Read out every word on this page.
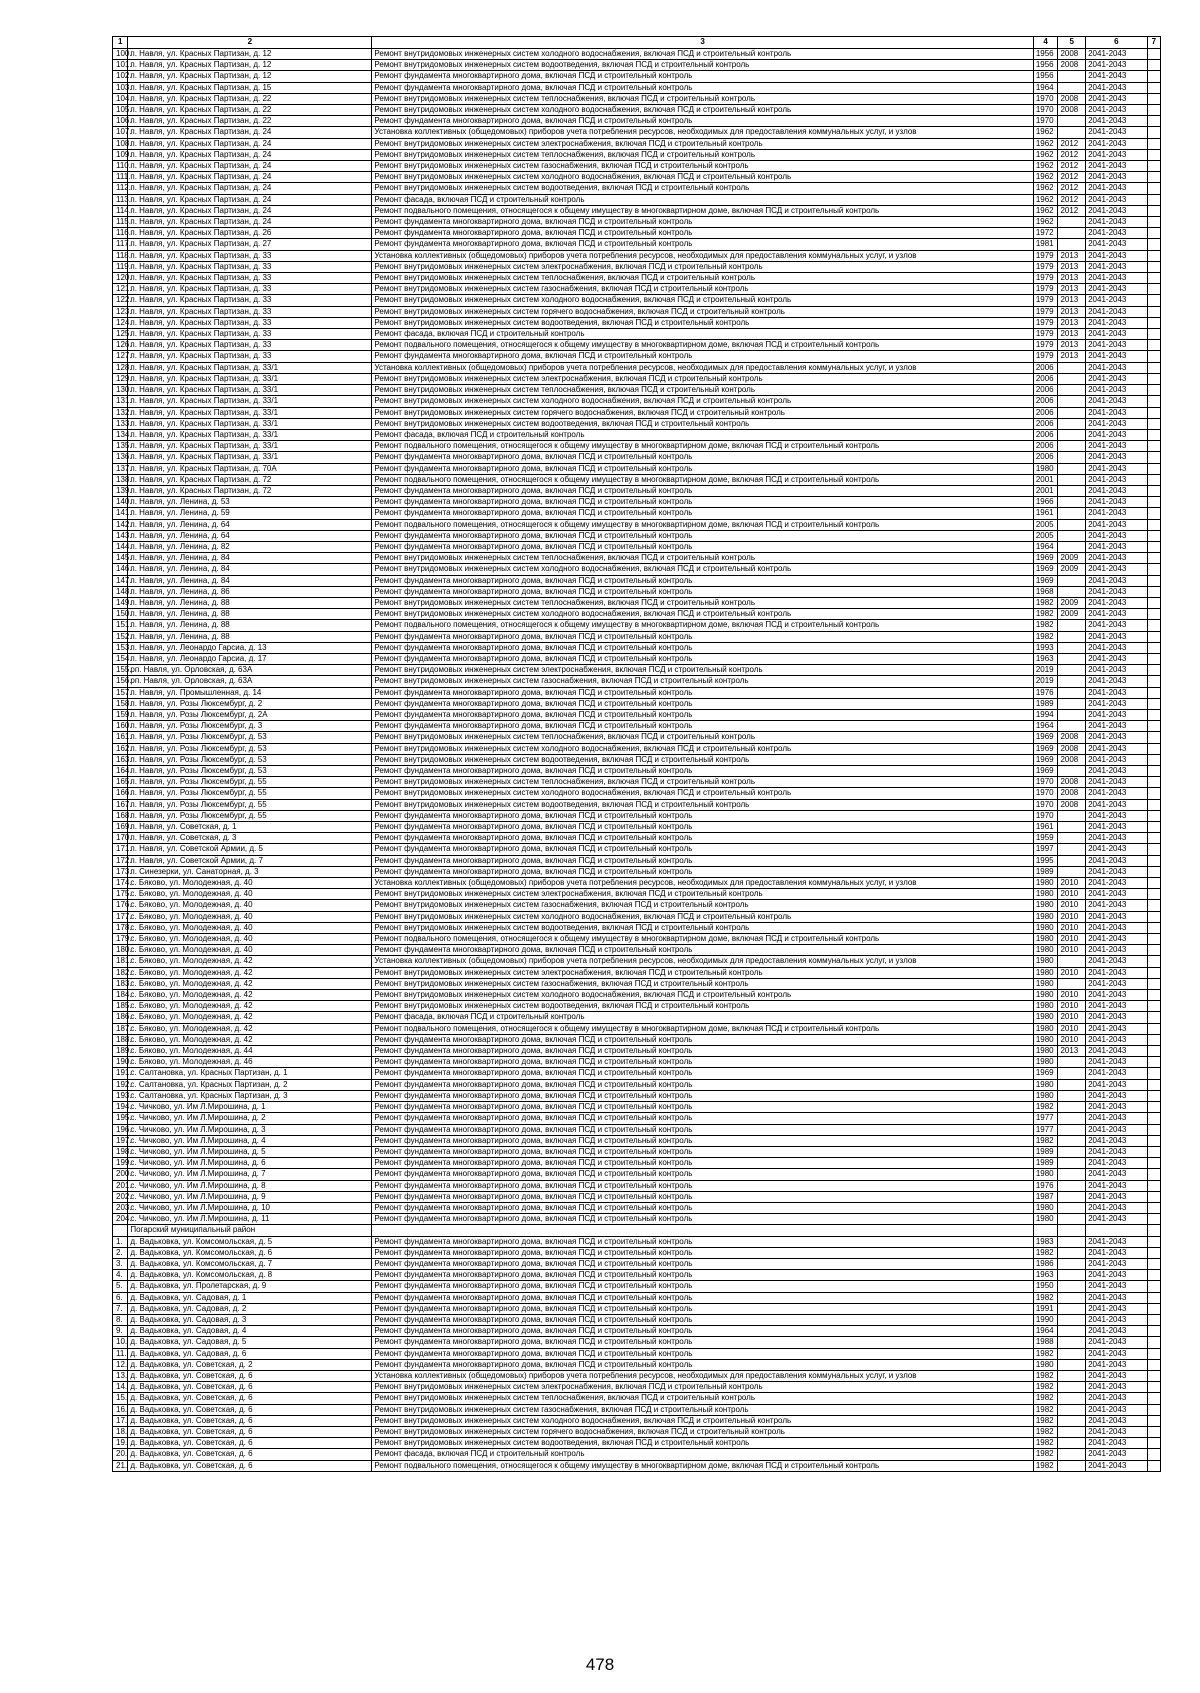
1	2	3	4	5	6	7
100.	п. Навля, ул. Красных Партизан, д. 12	Ремонт внутридомовых инженерных систем холодного водоснабжения, включая ПСД и строительный контроль	1956	2008	2041-2043	
101.	п. Навля, ул. Красных Партизан, д. 12	Ремонт внутридомовых инженерных систем водоотведения, включая ПСД и строительный контроль	1956	2008	2041-2043	
102.	п. Навля, ул. Красных Партизан, д. 12	Ремонт фундамента многоквартирного дома, включая ПСД и строительный контроль	1956		2041-2043	
103.	п. Навля, ул. Красных Партизан, д. 15	Ремонт фундамента многоквартирного дома, включая ПСД и строительный контроль	1964		2041-2043	
104.	п. Навля, ул. Красных Партизан, д. 22	Ремонт внутридомовых инженерных систем теплоснабжения, включая ПСД и строительный контроль	1970	2008	2041-2043	
105.	п. Навля, ул. Красных Партизан, д. 22	Ремонт внутридомовых инженерных систем холодного водоснабжения, включая ПСД и строительный контроль	1970	2008	2041-2043	
106.	п. Навля, ул. Красных Партизан, д. 22	Ремонт фундамента многоквартирного дома, включая ПСД и строительный контроль	1970		2041-2043	
107.	п. Навля, ул. Красных Партизан, д. 24	Установка коллективных (общедомовых) приборов учета потребления ресурсов, необходимых для предоставления коммунальных услуг, и узлов	1962		2041-2043	
108.	п. Навля, ул. Красных Партизан, д. 24	Ремонт внутридомовых инженерных систем электроснабжения, включая ПСД и строительный контроль	1962	2012	2041-2043	
109.	п. Навля, ул. Красных Партизан, д. 24	Ремонт внутридомовых инженерных систем теплоснабжения, включая ПСД и строительный контроль	1962	2012	2041-2043	
110.	п. Навля, ул. Красных Партизан, д. 24	Ремонт внутридомовых инженерных систем газоснабжения, включая ПСД и строительный контроль	1962	2012	2041-2043	
111.	п. Навля, ул. Красных Партизан, д. 24	Ремонт внутридомовых инженерных систем холодного водоснабжения, включая ПСД и строительный контроль	1962	2012	2041-2043	
112.	п. Навля, ул. Красных Партизан, д. 24	Ремонт внутридомовых инженерных систем водоотведения, включая ПСД и строительный контроль	1962	2012	2041-2043	
113.	п. Навля, ул. Красных Партизан, д. 24	Ремонт фасада, включая ПСД и строительный контроль	1962	2012	2041-2043	
114.	п. Навля, ул. Красных Партизан, д. 24	Ремонт подвального помещения, относящегося к общему имуществу в многоквартирном доме, включая ПСД и строительный контроль	1962	2012	2041-2043	
115.	п. Навля, ул. Красных Партизан, д. 24	Ремонт фундамента многоквартирного дома, включая ПСД и строительный контроль	1962		2041-2043	
116.	п. Навля, ул. Красных Партизан, д. 26	Ремонт фундамента многоквартирного дома, включая ПСД и строительный контроль	1972		2041-2043	
117.	п. Навля, ул. Красных Партизан, д. 27	Ремонт фундамента многоквартирного дома, включая ПСД и строительный контроль	1981		2041-2043	
118.	п. Навля, ул. Красных Партизан, д. 33	Установка коллективных (общедомовых) приборов учета потребления ресурсов, необходимых для предоставления коммунальных услуг, и узлов	1979	2013	2041-2043	
119.	п. Навля, ул. Красных Партизан, д. 33	Ремонт внутридомовых инженерных систем электроснабжения, включая ПСД и строительный контроль	1979	2013	2041-2043	
120.	п. Навля, ул. Красных Партизан, д. 33	Ремонт внутридомовых инженерных систем теплоснабжения, включая ПСД и строительный контроль	1979	2013	2041-2043	
121.	п. Навля, ул. Красных Партизан, д. 33	Ремонт внутридомовых инженерных систем газоснабжения, включая ПСД и строительный контроль	1979	2013	2041-2043	
122.	п. Навля, ул. Красных Партизан, д. 33	Ремонт внутридомовых инженерных систем холодного водоснабжения, включая ПСД и строительный контроль	1979	2013	2041-2043	
123.	п. Навля, ул. Красных Партизан, д. 33	Ремонт внутридомовых инженерных систем горячего водоснабжения, включая ПСД и строительный контроль	1979	2013	2041-2043	
124.	п. Навля, ул. Красных Партизан, д. 33	Ремонт внутридомовых инженерных систем водоотведения, включая ПСД и строительный контроль	1979	2013	2041-2043	
125.	п. Навля, ул. Красных Партизан, д. 33	Ремонт фасада, включая ПСД и строительный контроль	1979	2013	2041-2043	
126.	п. Навля, ул. Красных Партизан, д. 33	Ремонт подвального помещения, относящегося к общему имуществу в многоквартирном доме, включая ПСД и строительный контроль	1979	2013	2041-2043	
127.	п. Навля, ул. Красных Партизан, д. 33	Ремонт фундамента многоквартирного дома, включая ПСД и строительный контроль	1979	2013	2041-2043	
128.	п. Навля, ул. Красных Партизан, д. 33/1	Установка коллективных (общедомовых) приборов учета потребления ресурсов, необходимых для предоставления коммунальных услуг, и узлов	2006		2041-2043	
129.	п. Навля, ул. Красных Партизан, д. 33/1	Ремонт внутридомовых инженерных систем электроснабжения, включая ПСД и строительный контроль	2006		2041-2043	
130.	п. Навля, ул. Красных Партизан, д. 33/1	Ремонт внутридомовых инженерных систем теплоснабжения, включая ПСД и строительный контроль	2006		2041-2043	
131.	п. Навля, ул. Красных Партизан, д. 33/1	Ремонт внутридомовых инженерных систем холодного водоснабжения, включая ПСД и строительный контроль	2006		2041-2043	
132.	п. Навля, ул. Красных Партизан, д. 33/1	Ремонт внутридомовых инженерных систем горячего водоснабжения, включая ПСД и строительный контроль	2006		2041-2043	
133.	п. Навля, ул. Красных Партизан, д. 33/1	Ремонт внутридомовых инженерных систем водоотведения, включая ПСД и строительный контроль	2006		2041-2043	
134.	п. Навля, ул. Красных Партизан, д. 33/1	Ремонт фасада, включая ПСД и строительный контроль	2006		2041-2043	
135.	п. Навля, ул. Красных Партизан, д. 33/1	Ремонт подвального помещения, относящегося к общему имуществу в многоквартирном доме, включая ПСД и строительный контроль	2006		2041-2043	
136.	п. Навля, ул. Красных Партизан, д. 33/1	Ремонт фундамента многоквартирного дома, включая ПСД и строительный контроль	2006		2041-2043	
137.	п. Навля, ул. Красных Партизан, д. 70А	Ремонт фундамента многоквартирного дома, включая ПСД и строительный контроль	1980		2041-2043	
138.	п. Навля, ул. Красных Партизан, д. 72	Ремонт подвального помещения, относящегося к общему имуществу в многоквартирном доме, включая ПСД и строительный контроль	2001		2041-2043	
139.	п. Навля, ул. Красных Партизан, д. 72	Ремонт фундамента многоквартирного дома, включая ПСД и строительный контроль	2001		2041-2043	
140.	п. Навля, ул. Ленина, д. 53	Ремонт фундамента многоквартирного дома, включая ПСД и строительный контроль	1966		2041-2043	
141.	п. Навля, ул. Ленина, д. 59	Ремонт фундамента многоквартирного дома, включая ПСД и строительный контроль	1961		2041-2043	
142.	п. Навля, ул. Ленина, д. 64	Ремонт подвального помещения, относящегося к общему имуществу в многоквартирном доме, включая ПСД и строительный контроль	2005		2041-2043	
143.	п. Навля, ул. Ленина, д. 64	Ремонт фундамента многоквартирного дома, включая ПСД и строительный контроль	2005		2041-2043	
144.	п. Навля, ул. Ленина, д. 82	Ремонт фундамента многоквартирного дома, включая ПСД и строительный контроль	1964		2041-2043	
145.	п. Навля, ул. Ленина, д. 84	Ремонт внутридомовых инженерных систем теплоснабжения, включая ПСД и строительный контроль	1969	2009	2041-2043	
146.	п. Навля, ул. Ленина, д. 84	Ремонт внутридомовых инженерных систем холодного водоснабжения, включая ПСД и строительный контроль	1969	2009	2041-2043	
147.	п. Навля, ул. Ленина, д. 84	Ремонт фундамента многоквартирного дома, включая ПСД и строительный контроль	1969		2041-2043	
148.	п. Навля, ул. Ленина, д. 86	Ремонт фундамента многоквартирного дома, включая ПСД и строительный контроль	1968		2041-2043	
149.	п. Навля, ул. Ленина, д. 88	Ремонт внутридомовых инженерных систем теплоснабжения, включая ПСД и строительный контроль	1982	2009	2041-2043	
150.	п. Навля, ул. Ленина, д. 88	Ремонт внутридомовых инженерных систем холодного водоснабжения, включая ПСД и строительный контроль	1982	2009	2041-2043	
151.	п. Навля, ул. Ленина, д. 88	Ремонт подвального помещения, относящегося к общему имуществу в многоквартирном доме, включая ПСД и строительный контроль	1982		2041-2043	
152.	п. Навля, ул. Ленина, д. 88	Ремонт фундамента многоквартирного дома, включая ПСД и строительный контроль	1982		2041-2043	
153.	п. Навля, ул. Леонардо Гарсиа, д. 13	Ремонт фундамента многоквартирного дома, включая ПСД и строительный контроль	1993		2041-2043	
154.	п. Навля, ул. Леонардо Гарсиа, д. 17	Ремонт фундамента многоквартирного дома, включая ПСД и строительный контроль	1963		2041-2043	
155.	рп. Навля, ул. Орловская, д. 63А	Ремонт внутридомовых инженерных систем электроснабжения, включая ПСД и строительный контроль	2019		2041-2043	
156.	рп. Навля, ул. Орловская, д. 63А	Ремонт внутридомовых инженерных систем газоснабжения, включая ПСД и строительный контроль	2019		2041-2043	
157.	п. Навля, ул. Промышленная, д. 14	Ремонт фундамента многоквартирного дома, включая ПСД и строительный контроль	1976		2041-2043	
158.	п. Навля, ул. Розы Люксембург, д. 2	Ремонт фундамента многоквартирного дома, включая ПСД и строительный контроль	1989		2041-2043	
159.	п. Навля, ул. Розы Люксембург, д. 2А	Ремонт фундамента многоквартирного дома, включая ПСД и строительный контроль	1994		2041-2043	
160.	п. Навля, ул. Розы Люксембург, д. 3	Ремонт фундамента многоквартирного дома, включая ПСД и строительный контроль	1964		2041-2043	
161.	п. Навля, ул. Розы Люксембург, д. 53	Ремонт внутридомовых инженерных систем теплоснабжения, включая ПСД и строительный контроль	1969	2008	2041-2043	
162.	п. Навля, ул. Розы Люксембург, д. 53	Ремонт внутридомовых инженерных систем холодного водоснабжения, включая ПСД и строительный контроль	1969	2008	2041-2043	
163.	п. Навля, ул. Розы Люксембург, д. 53	Ремонт внутридомовых инженерных систем водоотведения, включая ПСД и строительный контроль	1969	2008	2041-2043	
164.	п. Навля, ул. Розы Люксембург, д. 53	Ремонт фундамента многоквартирного дома, включая ПСД и строительный контроль	1969		2041-2043	
165.	п. Навля, ул. Розы Люксембург, д. 55	Ремонт внутридомовых инженерных систем теплоснабжения, включая ПСД и строительный контроль	1970	2008	2041-2043	
166.	п. Навля, ул. Розы Люксембург, д. 55	Ремонт внутридомовых инженерных систем холодного водоснабжения, включая ПСД и строительный контроль	1970	2008	2041-2043	
167.	п. Навля, ул. Розы Люксембург, д. 55	Ремонт внутридомовых инженерных систем водоотведения, включая ПСД и строительный контроль	1970	2008	2041-2043	
168.	п. Навля, ул. Розы Люксембург, д. 55	Ремонт фундамента многоквартирного дома, включая ПСД и строительный контроль	1970		2041-2043	
169.	п. Навля, ул. Советская, д. 1	Ремонт фундамента многоквартирного дома, включая ПСД и строительный контроль	1961		2041-2043	
170.	п. Навля, ул. Советская, д. 3	Ремонт фундамента многоквартирного дома, включая ПСД и строительный контроль	1959		2041-2043	
171.	п. Навля, ул. Советской Армии, д. 5	Ремонт фундамента многоквартирного дома, включая ПСД и строительный контроль	1997		2041-2043	
172.	п. Навля, ул. Советской Армии, д. 7	Ремонт фундамента многоквартирного дома, включая ПСД и строительный контроль	1995		2041-2043	
173.	п. Синезерки, ул. Санаторная, д. 3	Ремонт фундамента многоквартирного дома, включая ПСД и строительный контроль	1989		2041-2043	
174.	с. Бяково, ул. Молодежная, д. 40	Установка коллективных (общедомовых) приборов учета потребления ресурсов, необходимых для предоставления коммунальных услуг, и узлов	1980	2010	2041-2043	
175.	с. Бяково, ул. Молодежная, д. 40	Ремонт внутридомовых инженерных систем электроснабжения, включая ПСД и строительный контроль	1980	2010	2041-2043	
176.	с. Бяково, ул. Молодежная, д. 40	Ремонт внутридомовых инженерных систем газоснабжения, включая ПСД и строительный контроль	1980	2010	2041-2043	
177.	с. Бяково, ул. Молодежная, д. 40	Ремонт внутридомовых инженерных систем холодного водоснабжения, включая ПСД и строительный контроль	1980	2010	2041-2043	
178.	с. Бяково, ул. Молодежная, д. 40	Ремонт внутридомовых инженерных систем водоотведения, включая ПСД и строительный контроль	1980	2010	2041-2043	
179.	с. Бяково, ул. Молодежная, д. 40	Ремонт подвального помещения, относящегося к общему имуществу в многоквартирном доме, включая ПСД и строительный контроль	1980	2010	2041-2043	
180.	с. Бяково, ул. Молодежная, д. 40	Ремонт фундамента многоквартирного дома, включая ПСД и строительный контроль	1980	2010	2041-2043	
181.	с. Бяково, ул. Молодежная, д. 42	Установка коллективных (общедомовых) приборов учета потребления ресурсов, необходимых для предоставления коммунальных услуг, и узлов	1980		2041-2043	
182.	с. Бяково, ул. Молодежная, д. 42	Ремонт внутридомовых инженерных систем электроснабжения, включая ПСД и строительный контроль	1980	2010	2041-2043	
183.	с. Бяково, ул. Молодежная, д. 42	Ремонт внутридомовых инженерных систем газоснабжения, включая ПСД и строительный контроль	1980		2041-2043	
184.	с. Бяково, ул. Молодежная, д. 42	Ремонт внутридомовых инженерных систем холодного водоснабжения, включая ПСД и строительный контроль	1980	2010	2041-2043	
185.	с. Бяково, ул. Молодежная, д. 42	Ремонт внутридомовых инженерных систем водоотведения, включая ПСД и строительный контроль	1980	2010	2041-2043	
186.	с. Бяково, ул. Молодежная, д. 42	Ремонт фасада, включая ПСД и строительный контроль	1980	2010	2041-2043	
187.	с. Бяково, ул. Молодежная, д. 42	Ремонт подвального помещения, относящегося к общему имуществу в многоквартирном доме, включая ПСД и строительный контроль	1980	2010	2041-2043	
188.	с. Бяково, ул. Молодежная, д. 42	Ремонт фундамента многоквартирного дома, включая ПСД и строительный контроль	1980	2010	2041-2043	
189.	с. Бяково, ул. Молодежная, д. 44	Ремонт фундамента многоквартирного дома, включая ПСД и строительный контроль	1980	2013	2041-2043	
190.	с. Бяково, ул. Молодежная, д. 46	Ремонт фундамента многоквартирного дома, включая ПСД и строительный контроль	1980		2041-2043	
191.	с. Салтановка, ул. Красных Партизан, д. 1	Ремонт фундамента многоквартирного дома, включая ПСД и строительный контроль	1969		2041-2043	
192.	с. Салтановка, ул. Красных Партизан, д. 2	Ремонт фундамента многоквартирного дома, включая ПСД и строительный контроль	1980		2041-2043	
193.	с. Салтановка, ул. Красных Партизан, д. 3	Ремонт фундамента многоквартирного дома, включая ПСД и строительный контроль	1980		2041-2043	
194.	с. Чичково, ул. Им Л.Мирошина, д. 1	Ремонт фундамента многоквартирного дома, включая ПСД и строительный контроль	1982		2041-2043	
195.	с. Чичково, ул. Им Л.Мирошина, д. 2	Ремонт фундамента многоквартирного дома, включая ПСД и строительный контроль	1977		2041-2043	
196.	с. Чичково, ул. Им Л.Мирошина, д. 3	Ремонт фундамента многоквартирного дома, включая ПСД и строительный контроль	1977		2041-2043	
197.	с. Чичково, ул. Им Л.Мирошина, д. 4	Ремонт фундамента многоквартирного дома, включая ПСД и строительный контроль	1982		2041-2043	
198.	с. Чичково, ул. Им Л.Мирошина, д. 5	Ремонт фундамента многоквартирного дома, включая ПСД и строительный контроль	1989		2041-2043	
199.	с. Чичково, ул. Им Л.Мирошина, д. 6	Ремонт фундамента многоквартирного дома, включая ПСД и строительный контроль	1989		2041-2043	
200.	с. Чичково, ул. Им Л.Мирошина, д. 7	Ремонт фундамента многоквартирного дома, включая ПСД и строительный контроль	1980		2041-2043	
201.	с. Чичково, ул. Им Л.Мирошина, д. 8	Ремонт фундамента многоквартирного дома, включая ПСД и строительный контроль	1976		2041-2043	
202.	с. Чичково, ул. Им Л.Мирошина, д. 9	Ремонт фундамента многоквартирного дома, включая ПСД и строительный контроль	1987		2041-2043	
203.	с. Чичково, ул. Им Л.Мирошина, д. 10	Ремонт фундамента многоквартирного дома, включая ПСД и строительный контроль	1980		2041-2043	
204.	с. Чичково, ул. Им Л.Мирошина, д. 11	Ремонт фундамента многоквартирного дома, включая ПСД и строительный контроль	1980		2041-2043	
	Погарский муниципальный район					
1.	д. Вадьковка, ул. Комсомольская, д. 5	Ремонт фундамента многоквартирного дома, включая ПСД и строительный контроль	1983		2041-2043	
2.	д. Вадьковка, ул. Комсомольская, д. 6	Ремонт фундамента многоквартирного дома, включая ПСД и строительный контроль	1982		2041-2043	
3.	д. Вадьковка, ул. Комсомольская, д. 7	Ремонт фундамента многоквартирного дома, включая ПСД и строительный контроль	1986		2041-2043	
4.	д. Вадьковка, ул. Комсомольская, д. 8	Ремонт фундамента многоквартирного дома, включая ПСД и строительный контроль	1963		2041-2043	
5.	д. Вадьковка, ул. Пролетарская, д. 9	Ремонт фундамента многоквартирного дома, включая ПСД и строительный контроль	1950		2041-2043	
6.	д. Вадьковка, ул. Садовая, д. 1	Ремонт фундамента многоквартирного дома, включая ПСД и строительный контроль	1982		2041-2043	
7.	д. Вадьковка, ул. Садовая, д. 2	Ремонт фундамента многоквартирного дома, включая ПСД и строительный контроль	1991		2041-2043	
8.	д. Вадьковка, ул. Садовая, д. 3	Ремонт фундамента многоквартирного дома, включая ПСД и строительный контроль	1990		2041-2043	
9.	д. Вадьковка, ул. Садовая, д. 4	Ремонт фундамента многоквартирного дома, включая ПСД и строительный контроль	1964		2041-2043	
10.	д. Вадьковка, ул. Садовая, д. 5	Ремонт фундамента многоквартирного дома, включая ПСД и строительный контроль	1988		2041-2043	
11.	д. Вадьковка, ул. Садовая, д. 6	Ремонт фундамента многоквартирного дома, включая ПСД и строительный контроль	1982		2041-2043	
12.	д. Вадьковка, ул. Советская, д. 2	Ремонт фундамента многоквартирного дома, включая ПСД и строительный контроль	1980		2041-2043	
13.	д. Вадьковка, ул. Советская, д. 6	Установка коллективных (общедомовых) приборов учета потребления ресурсов, необходимых для предоставления коммунальных услуг, и узлов	1982		2041-2043	
14.	д. Вадьковка, ул. Советская, д. 6	Ремонт внутридомовых инженерных систем электроснабжения, включая ПСД и строительный контроль	1982		2041-2043	
15.	д. Вадьковка, ул. Советская, д. 6	Ремонт внутридомовых инженерных систем теплоснабжения, включая ПСД и строительный контроль	1982		2041-2043	
16.	д. Вадьковка, ул. Советская, д. 6	Ремонт внутридомовых инженерных систем газоснабжения, включая ПСД и строительный контроль	1982		2041-2043	
17.	д. Вадьковка, ул. Советская, д. 6	Ремонт внутридомовых инженерных систем холодного водоснабжения, включая ПСД и строительный контроль	1982		2041-2043	
18.	д. Вадьковка, ул. Советская, д. 6	Ремонт внутридомовых инженерных систем горячего водоснабжения, включая ПСД и строительный контроль	1982		2041-2043	
19.	д. Вадьковка, ул. Советская, д. 6	Ремонт внутридомовых инженерных систем водоотведения, включая ПСД и строительный контроль	1982		2041-2043	
20.	д. Вадьковка, ул. Советская, д. 6	Ремонт фасада, включая ПСД и строительный контроль	1982		2041-2043	
21.	д. Вадьковка, ул. Советская, д. 6	Ремонт подвального помещения, относящегося к общему имуществу в многоквартирном доме, включая ПСД и строительный контроль	1982		2041-2043	
478
